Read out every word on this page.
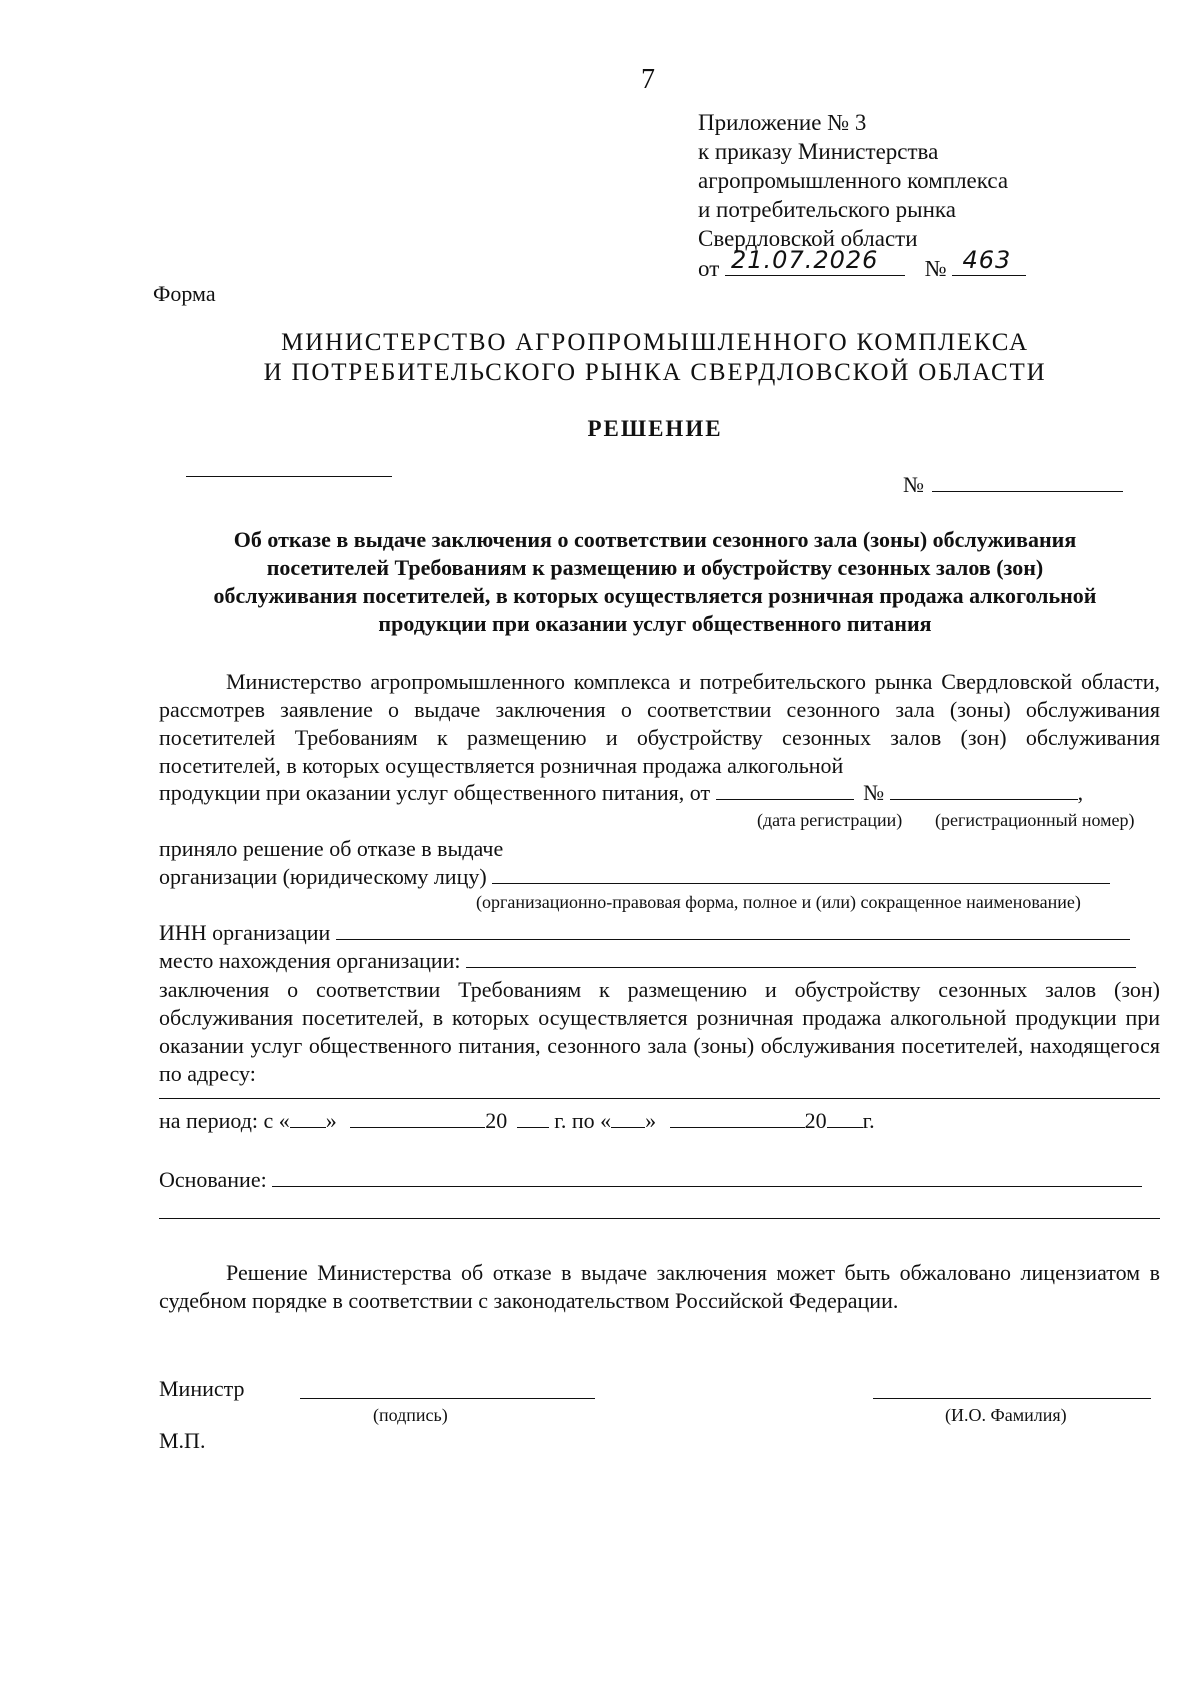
7
Приложение № 3
к приказу Министерства
агропромышленного комплекса
и потребительского рынка
Свердловской области
от 21.07.2026 № 463
Форма
МИНИСТЕРСТВО АГРОПРОМЫШЛЕННОГО КОМПЛЕКСА
И ПОТРЕБИТЕЛЬСКОГО РЫНКА СВЕРДЛОВСКОЙ ОБЛАСТИ
РЕШЕНИЕ
№
Об отказе в выдаче заключения о соответствии сезонного зала (зоны) обслуживания
посетителей Требованиям к размещению и обустройству сезонных залов (зон)
обслуживания посетителей, в которых осуществляется розничная продажа алкогольной
продукции при оказании услуг общественного питания
Министерство агропромышленного комплекса и потребительского рынка Свердловской области, рассмотрев заявление о выдаче заключения о соответствии сезонного зала (зоны) обслуживания посетителей Требованиям к размещению и обустройству сезонных залов (зон) обслуживания посетителей, в которых осуществляется розничная продажа алкогольной
продукции при оказании услуг общественного питания, от	№	,
(дата регистрации) (регистрационный номер)
приняло решение об отказе в выдаче
организации (юридическому лицу)
(организационно-правовая форма, полное и (или) сокращенное наименование)
ИНН организации
место нахождения организации:
заключения о соответствии Требованиям к размещению и обустройству сезонных залов (зон) обслуживания посетителей, в которых осуществляется розничная продажа алкогольной продукции при оказании услуг общественного питания, сезонного зала (зоны) обслуживания посетителей, находящегося по адресу:
на период: с « »	20 г. по « »	20 г.
Основание:
Решение Министерства об отказе в выдаче заключения может быть обжаловано лицензиатом в судебном порядке в соответствии с законодательством Российской Федерации.
Министр
(подпись)	(И.О. Фамилия)
М.П.
